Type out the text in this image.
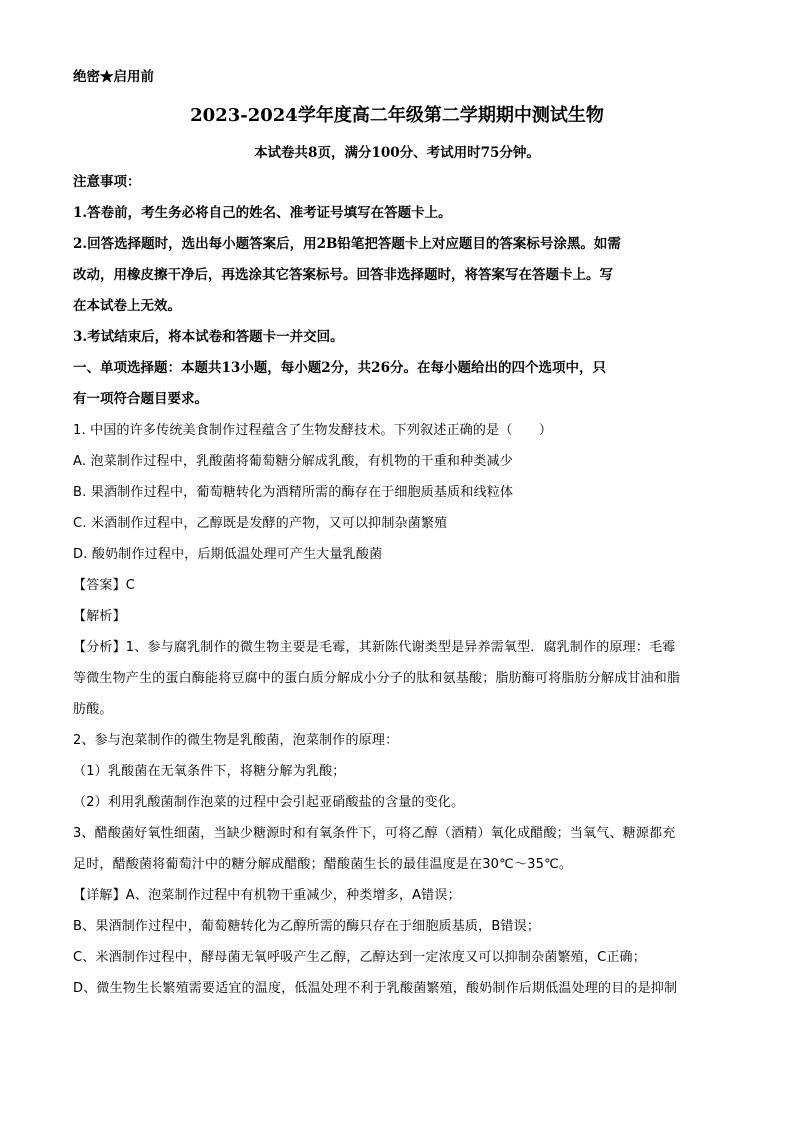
绝密★启用前
2023-2024学年度高二年级第二学期期中测试生物
本试卷共8页，满分100分、考试用时75分钟。
注意事项：
1.答卷前，考生务必将自己的姓名、准考证号填写在答题卡上。
2.回答选择题时，选出每小题答案后，用2B铅笔把答题卡上对应题目的答案标号涂黑。如需
改动，用橡皮擦干净后，再选涂其它答案标号。回答非选择题时，将答案写在答题卡上。写
在本试卷上无效。
3.考试结束后，将本试卷和答题卡一并交回。
一、单项选择题：本题共13小题，每小题2分，共26分。在每小题给出的四个选项中，只
有一项符合题目要求。
1. 中国的许多传统美食制作过程蕴含了生物发酵技术。下列叙述正确的是（　　）
A. 泡菜制作过程中，乳酸菌将葡萄糖分解成乳酸，有机物的干重和种类减少
B. 果酒制作过程中，葡萄糖转化为酒精所需的酶存在于细胞质基质和线粒体
C. 米酒制作过程中，乙醇既是发酵的产物，又可以抑制杂菌繁殖
D. 酸奶制作过程中，后期低温处理可产生大量乳酸菌
【答案】C
【解析】
【分析】1、参与腐乳制作的微生物主要是毛霉，其新陈代谢类型是异养需氧型．腐乳制作的原理：毛霉
等微生物产生的蛋白酶能将豆腐中的蛋白质分解成小分子的肽和氨基酸；脂肪酶可将脂肪分解成甘油和脂
肪酸。
2、参与泡菜制作的微生物是乳酸菌，泡菜制作的原理：
（1）乳酸菌在无氧条件下，将糖分解为乳酸；
（2）利用乳酸菌制作泡菜的过程中会引起亚硝酸盐的含量的变化。
3、醋酸菌好氧性细菌，当缺少糖源时和有氧条件下，可将乙醇（酒精）氧化成醋酸；当氧气、糖源都充
足时，醋酸菌将葡萄汁中的糖分解成醋酸；醋酸菌生长的最佳温度是在30℃～35℃。
【详解】A、泡菜制作过程中有机物干重减少，种类增多，A错误；
B、果酒制作过程中，葡萄糖转化为乙醇所需的酶只存在于细胞质基质，B错误；
C、米酒制作过程中，酵母菌无氧呼吸产生乙醇，乙醇达到一定浓度又可以抑制杂菌繁殖，C正确；
D、微生物生长繁殖需要适宜的温度，低温处理不利于乳酸菌繁殖，酸奶制作后期低温处理的目的是抑制
